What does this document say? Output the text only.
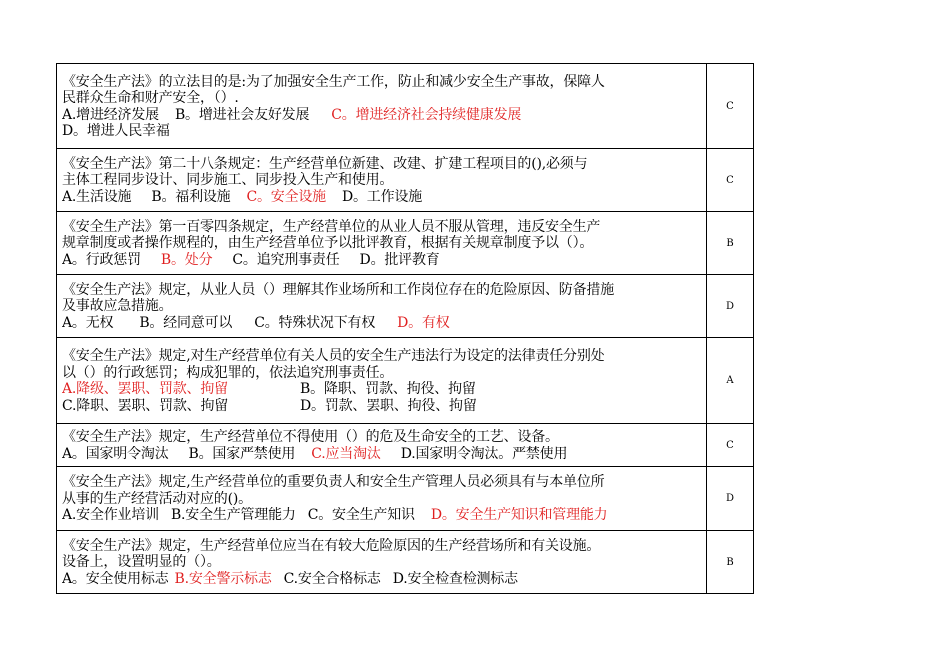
《安全生产法》的立法目的是:为了加强安全生产工作，防止和减少安全生产事故，保障人
民群众生命和财产安全，（）.
A.增进经济发展 B。增进社会友好发展 C。增进经济社会持续健康发展
D。增进人民幸福	C

《安全生产法》第二十八条规定：生产经营单位新建、改建、扩建工程项目的(),必须与
主体工程同步设计、同步施工、同步投入生产和使用。
A.生活设施 B。福利设施 C。安全设施 D。工作设施	C

《安全生产法》第一百零四条规定，生产经营单位的从业人员不服从管理，违反安全生产
规章制度或者操作规程的，由生产经营单位予以批评教育，根据有关规章制度予以（）。
A。行政惩罚 B。处分 C。追究刑事责任 D。批评教育	B

《安全生产法》规定，从业人员（）理解其作业场所和工作岗位存在的危险原因、防备措施
及事故应急措施。
A。无权 B。经同意可以 C。特殊状况下有权 D。有权	D

《安全生产法》规定,对生产经营单位有关人员的安全生产违法行为设定的法律责任分别处
以（）的行政惩罚；构成犯罪的，依法追究刑事责任。
A.降级、罢职、罚款、拘留 B。降职、罚款、拘役、拘留
C.降职、罢职、罚款、拘留 D。罚款、罢职、拘役、拘留	A

《安全生产法》规定，生产经营单位不得使用（）的危及生命安全的工艺、设备。
A。国家明令淘汰 B。国家严禁使用 C.应当淘汰 D.国家明令淘汰。严禁使用	C

《安全生产法》规定,生产经营单位的重要负责人和安全生产管理人员必须具有与本单位所
从事的生产经营活动对应的()。
A.安全作业培训 B.安全生产管理能力 C。安全生产知识 D。安全生产知识和管理能力	D

《安全生产法》规定，生产经营单位应当在有较大危险原因的生产经营场所和有关设施。
设备上，设置明显的（）。
A。安全使用标志 B.安全警示标志 C.安全合格标志 D.安全检查检测标志	B
